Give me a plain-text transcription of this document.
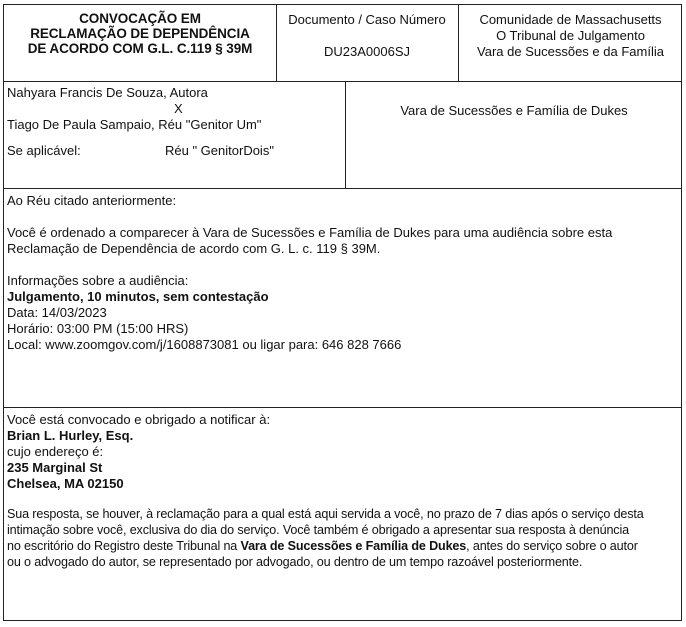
CONVOCAÇÃO EM
RECLAMAÇÃO DE DEPENDÊNCIA
DE ACORDO COM G.L. C.119 § 39M
Documento / Caso Número
DU23A0006SJ
Comunidade de Massachusetts
O Tribunal de Julgamento
Vara de Sucessões e da Família
Nahyara Francis De Souza, Autora
X
Tiago De Paula Sampaio, Réu "Genitor Um"
Se aplicável:	Réu " GenitorDois"
Vara de Sucessões e Família de Dukes
Ao Réu citado anteriormente:
Você é ordenado a comparecer à Vara de Sucessões e Família de Dukes para uma audiência sobre esta
Reclamação de Dependência de acordo com G. L. c. 119 § 39M.
Informações sobre a audiência:
Julgamento, 10 minutos, sem contestação
Data: 14/03/2023
Horário: 03:00 PM (15:00 HRS)
Local: www.zoomgov.com/j/1608873081 ou ligar para: 646 828 7666
Você está convocado e obrigado a notificar à:
Brian L. Hurley, Esq.
cujo endereço é:
235 Marginal St
Chelsea, MA 02150
Sua resposta, se houver, à reclamação para a qual está aqui servida a você, no prazo de 7 dias após o serviço desta
intimação sobre você, exclusiva do dia do serviço. Você também é obrigado a apresentar sua resposta à denúncia
no escritório do Registro deste Tribunal na Vara de Sucessões e Família de Dukes, antes do serviço sobre o autor
ou o advogado do autor, se representado por advogado, ou dentro de um tempo razoável posteriormente.
